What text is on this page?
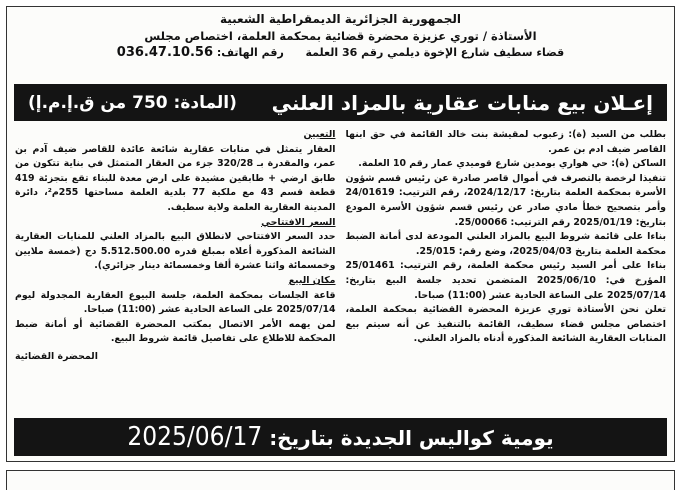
الجمهورية الجزائرية الديمقراطية الشعبية
الأستاذة / توري عزيزة محضرة قضائية بمحكمة العلمة، اختصاص مجلس
قضاء سطيف شارع الإخوة ديلمي رقم 36 العلمة  رقم الهاتف: 036.47.10.56
إعـلان بيع منابات عقارية بالمزاد العلني
(المادة: 750 من ق.إ.م.إ)

بطلب من السيد (ة): زعبوب لمقيشة بنت خالد القائمة في حق ابنها القاصر ضيف ادم بن عمر.

الساكن (ة): حي هواري بومدين شارع قوميدي عمار رقم 10 العلمة.

تنفيذا لرخصة بالتصرف في أموال قاصر صادرة عن رئيس قسم شؤون الأسرة بمحكمة العلمة بتاريخ: 2024/12/17، رقم الترتيب: 24/01619 وأمر بتصحيح خطأ مادي صادر عن رئيس قسم شؤون الأسرة المودع بتاريخ: 2025/01/19 رقم الترتيب: 25/00066.

بناءا على قائمة شروط البيع بالمزاد العلني المودعة لدى أمانة الضبط محكمة العلمة بتاريخ 2025/04/03، وضع رقم: 25/015.

بناءا على أمر السيد رئيس محكمة العلمة، رقم الترتيب: 25/01461 المؤرخ في: 2025/06/10 المتضمن تحديد جلسة البيع بتاريخ: 2025/07/14 على الساعة الحادية عشر (11:00) صباحا.

تعلن نحن الأستاذة توري عزيزة المحضرة القضائية بمحكمة العلمة، اختصاص مجلس قضاء سطيف، القائمة بالتنفيذ عن أنه سيتم بيع المنابات العقارية الشائعة المذكورة أدناه بالمزاد العلني.

التعيين

العقار يتمثل في منابات عقارية شائعة عائدة للقاصر ضيف آدم بن عمر، والمقدرة بـ 320/28 جزء من العقار المتمثل في بناية تتكون من طابق ارضي + طابقين مشيدة على ارض معدة للبناء تقع بتجزئة 419 قطعة قسم 43 مع ملكية 77 بلدية العلمة مساحتها 255م²، دائرة المدينة العقارية العلمة ولاية سطيف.

السعر الافتتاحي

حدد السعر الافتتاحي لانطلاق البيع بالمزاد العلني للمنابات العقارية الشائعة المذكورة أعلاه بمبلغ قدره 5.512.500.00 دج (خمسة ملايين وخمسمائة واثنا عشرة ألفا وخمسمائة دينار جزائري).

مكان البيع

قاعة الجلسات بمحكمة العلمة، جلسة البيوع العقارية المجدولة ليوم 2025/07/14 على الساعة الحادية عشر (11:00) صباحا.

لمن يهمه الأمر الاتصال بمكتب المحضرة القضائية أو أمانة ضبط المحكمة للاطلاع على تفاصيل قائمة شروط البيع.

المحضرة القضائية

يومية كواليس الجديدة بتاريخ: 2025/06/17
